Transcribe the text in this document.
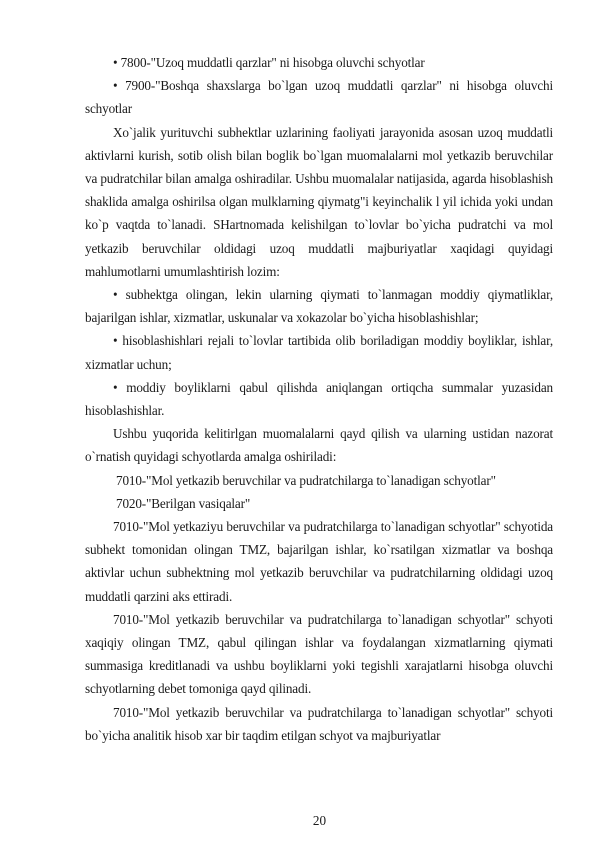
• 7800-"Uzoq muddatli qarzlar" ni hisobga oluvchi schyotlar

• 7900-"Boshqa shaxslarga bo`lgan uzoq muddatli qarzlar" ni hisobga oluvchi schyotlar

Xo`jalik yurituvchi subhektlar uzlarining faoliyati jarayonida asosan uzoq muddatli aktivlarni kurish, sotib olish bilan boglik bo`lgan muomalalarni mol yetkazib beruvchilar va pudratchilar bilan amalga oshiradilar. Ushbu muomalalar natijasida, agarda hisoblashish shaklida amalga oshirilsa olgan mulklarning qiymatg"i keyinchalik l yil ichida yoki undan ko`p vaqtda to`lanadi. SHartnomada kelishilgan to`lovlar bo`yicha pudratchi va mol yetkazib beruvchilar oldidagi uzoq muddatli majburiyatlar xaqidagi quyidagi mahlumotlarni umumlashtirish lozim:

• subhektga olingan, lekin ularning qiymati to`lanmagan moddiy qiymatliklar, bajarilgan ishlar, xizmatlar, uskunalar va xokazolar bo`yicha hisoblashishlar;

• hisoblashishlari rejali to`lovlar tartibida olib boriladigan moddiy boyliklar, ishlar, xizmatlar uchun;

• moddiy boyliklarni qabul qilishda aniqlangan ortiqcha summalar yuzasidan hisoblashishlar.

Ushbu yuqorida kelitirlgan muomalalarni qayd qilish va ularning ustidan nazorat o`rnatish quyidagi schyotlarda amalga oshiriladi:

7010-"Mol yetkazib beruvchilar va pudratchilarga to`lanadigan schyotlar"

7020-"Berilgan vasiqalar"

7010-"Mol yetkaziyu beruvchilar va pudratchilarga to`lanadigan schyotlar" schyotida subhekt tomonidan olingan TMZ, bajarilgan ishlar, ko`rsatilgan xizmatlar va boshqa aktivlar uchun subhektning mol yetkazib beruvchilar va pudratchilarning oldidagi uzoq muddatli qarzini aks ettiradi.

7010-"Mol yetkazib beruvchilar va pudratchilarga to`lanadigan schyotlar" schyoti xaqiqiy olingan TMZ, qabul qilingan ishlar va foydalangan xizmatlarning qiymati summasiga kreditlanadi va ushbu boyliklarni yoki tegishli xarajatlarni hisobga oluvchi schyotlarning debet tomoniga qayd qilinadi.

7010-"Mol yetkazib beruvchilar va pudratchilarga to`lanadigan schyotlar" schyoti bo`yicha analitik hisob xar bir taqdim etilgan schyot va majburiyatlar

20
